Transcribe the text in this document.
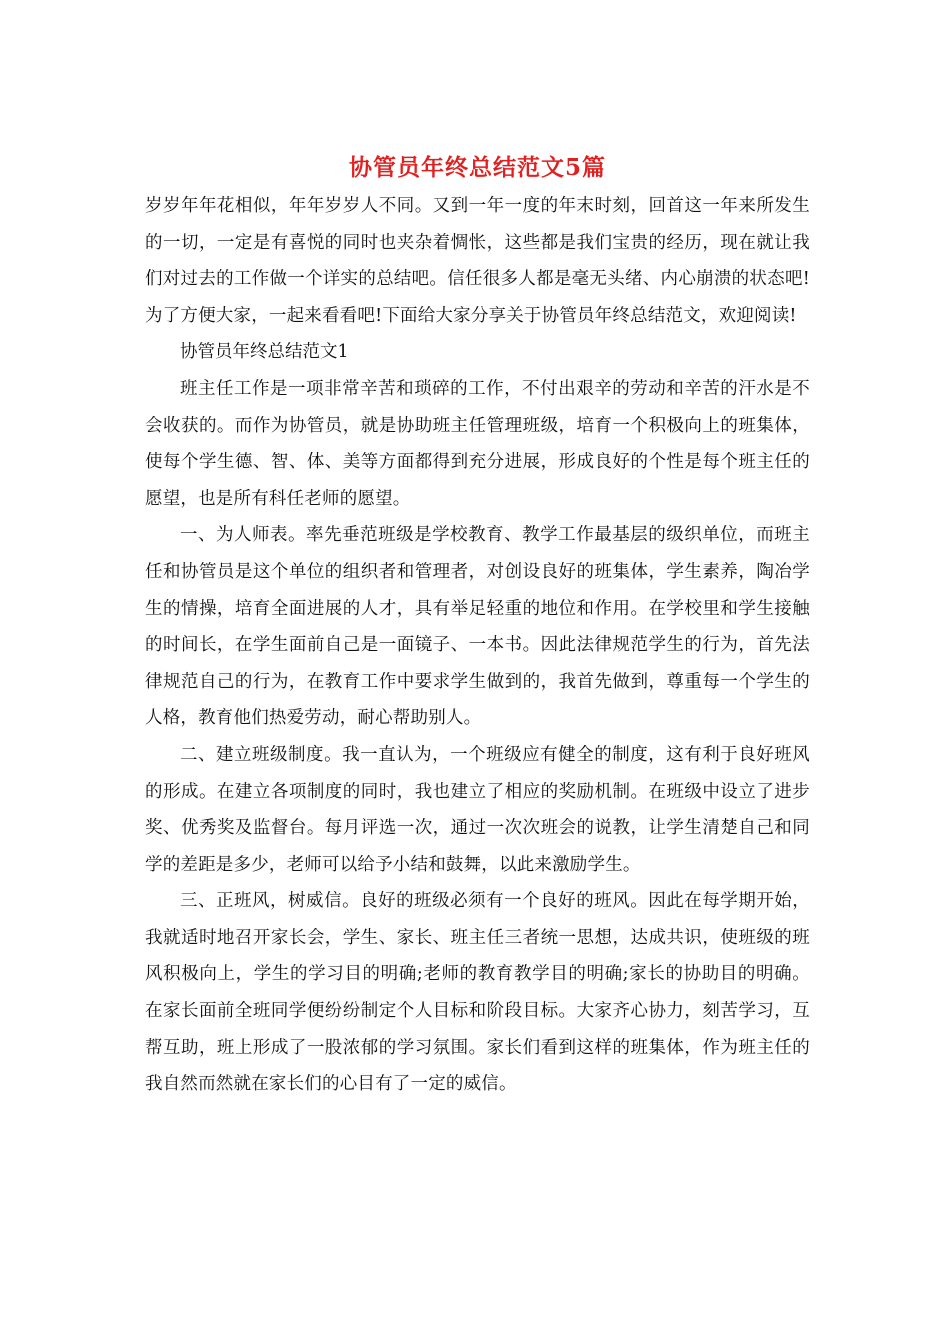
协管员年终总结范文5篇

岁岁年年花相似，年年岁岁人不同。又到一年一度的年末时刻，回首这一年来所发生的一切，一定是有喜悦的同时也夹杂着惆怅，这些都是我们宝贵的经历，现在就让我们对过去的工作做一个详实的总结吧。信任很多人都是毫无头绪、内心崩溃的状态吧!为了方便大家，一起来看看吧!下面给大家分享关于协管员年终总结范文，欢迎阅读!

协管员年终总结范文1

班主任工作是一项非常辛苦和琐碎的工作，不付出艰辛的劳动和辛苦的汗水是不会收获的。而作为协管员，就是协助班主任管理班级，培育一个积极向上的班集体，使每个学生德、智、体、美等方面都得到充分进展，形成良好的个性是每个班主任的愿望，也是所有科任老师的愿望。

一、为人师表。率先垂范班级是学校教育、教学工作最基层的级织单位，而班主任和协管员是这个单位的组织者和管理者，对创设良好的班集体，学生素养，陶冶学生的情操，培育全面进展的人才，具有举足轻重的地位和作用。在学校里和学生接触的时间长，在学生面前自己是一面镜子、一本书。因此法律规范学生的行为，首先法律规范自己的行为，在教育工作中要求学生做到的，我首先做到，尊重每一个学生的人格，教育他们热爱劳动，耐心帮助别人。

二、建立班级制度。我一直认为，一个班级应有健全的制度，这有利于良好班风的形成。在建立各项制度的同时，我也建立了相应的奖励机制。在班级中设立了进步奖、优秀奖及监督台。每月评选一次，通过一次次班会的说教，让学生清楚自己和同学的差距是多少，老师可以给予小结和鼓舞，以此来激励学生。

三、正班风，树威信。良好的班级必须有一个良好的班风。因此在每学期开始，我就适时地召开家长会，学生、家长、班主任三者统一思想，达成共识，使班级的班风积极向上，学生的学习目的明确;老师的教育教学目的明确;家长的协助目的明确。在家长面前全班同学便纷纷制定个人目标和阶段目标。大家齐心协力，刻苦学习，互帮互助，班上形成了一股浓郁的学习氛围。家长们看到这样的班集体，作为班主任的我自然而然就在家长们的心目有了一定的威信。
